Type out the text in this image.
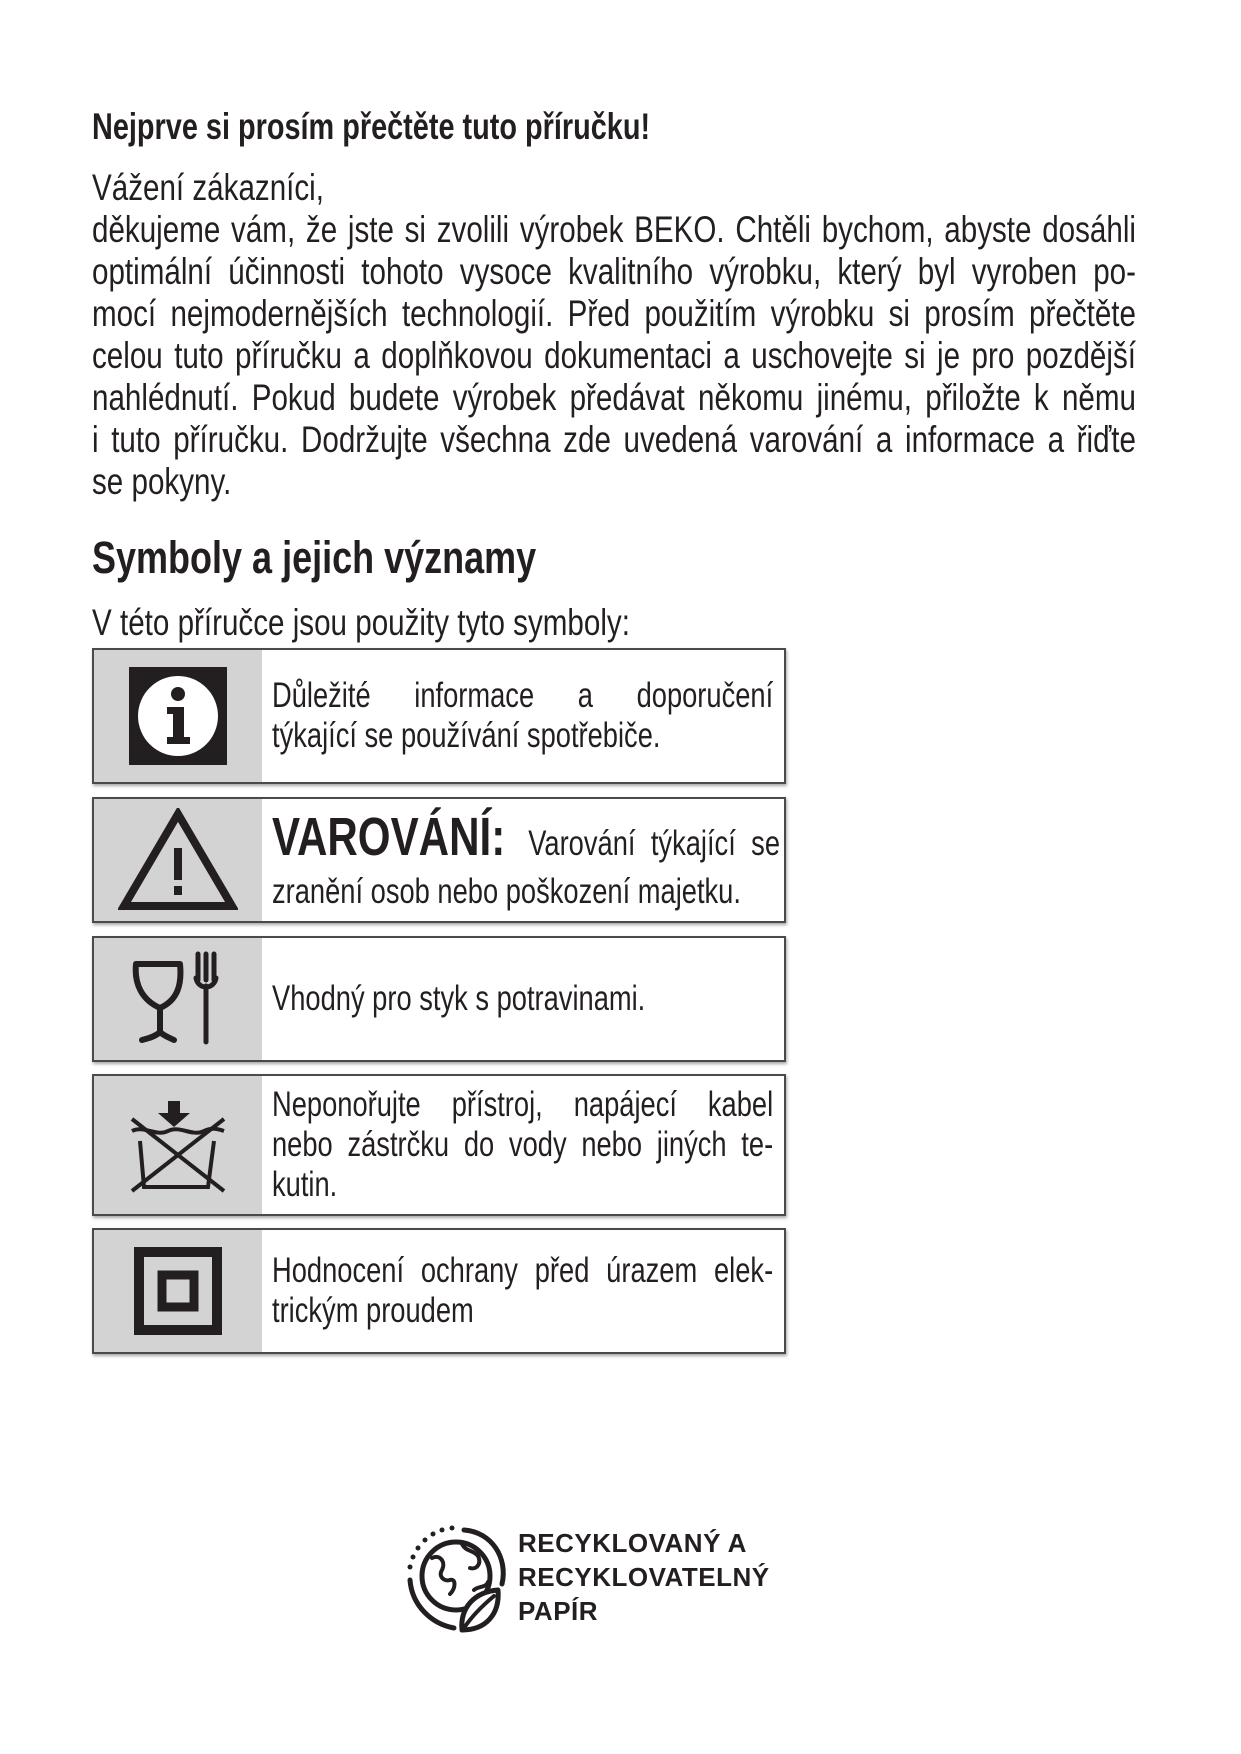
Nejprve si prosím přečtěte tuto příručku!
Vážení zákazníci,
děkujeme vám, že jste si zvolili výrobek BEKO. Chtěli bychom, abyste dosáhli
optimální účinnosti tohoto vysoce kvalitního výrobku, který byl vyroben po-
mocí nejmodernějších technologií. Před použitím výrobku si prosím přečtěte
celou tuto příručku a doplňkovou dokumentaci a uschovejte si je pro pozdější
nahlédnutí. Pokud budete výrobek předávat někomu jinému, přiložte k němu
i tuto příručku. Dodržujte všechna zde uvedená varování a informace a řiďte
se pokyny.
Symboly a jejich významy
V této příručce jsou použity tyto symboly:
Důležité informace a doporučení
týkající se používání spotřebiče.
VAROVÁNÍ: Varování týkající se
zranění osob nebo poškození majetku.
Vhodný pro styk s potravinami.
Neponořujte přístroj, napájecí kabel
nebo zástrčku do vody nebo jiných te-
kutin.
Hodnocení ochrany před úrazem elek-
trickým proudem
RECYKLOVANÝ A
RECYKLOVATELNÝ
PAPÍR
